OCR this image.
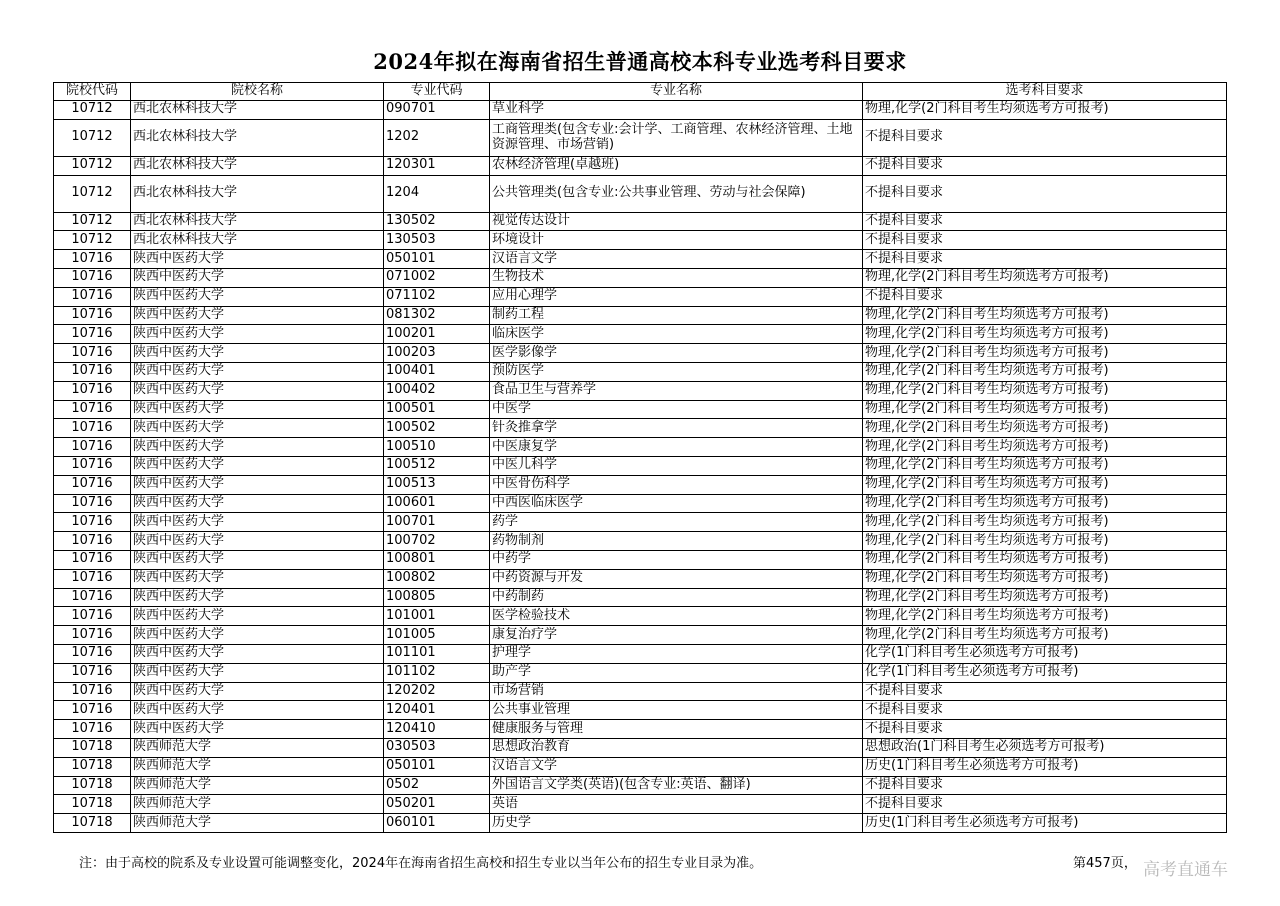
2024年拟在海南省招生普通高校本科专业选考科目要求
院校代码	院校名称	专业代码	专业名称	选考科目要求
10712	西北农林科技大学	090701	草业科学	物理,化学(2门科目考生均须选考方可报考)
10712	西北农林科技大学	1202	工商管理类(包含专业:会计学、工商管理、农林经济管理、土地资源管理、市场营销)	不提科目要求
10712	西北农林科技大学	120301	农林经济管理(卓越班)	不提科目要求
10712	西北农林科技大学	1204	公共管理类(包含专业:公共事业管理、劳动与社会保障)	不提科目要求
10712	西北农林科技大学	130502	视觉传达设计	不提科目要求
10712	西北农林科技大学	130503	环境设计	不提科目要求
10716	陕西中医药大学	050101	汉语言文学	不提科目要求
10716	陕西中医药大学	071002	生物技术	物理,化学(2门科目考生均须选考方可报考)
10716	陕西中医药大学	071102	应用心理学	不提科目要求
10716	陕西中医药大学	081302	制药工程	物理,化学(2门科目考生均须选考方可报考)
10716	陕西中医药大学	100201	临床医学	物理,化学(2门科目考生均须选考方可报考)
10716	陕西中医药大学	100203	医学影像学	物理,化学(2门科目考生均须选考方可报考)
10716	陕西中医药大学	100401	预防医学	物理,化学(2门科目考生均须选考方可报考)
10716	陕西中医药大学	100402	食品卫生与营养学	物理,化学(2门科目考生均须选考方可报考)
10716	陕西中医药大学	100501	中医学	物理,化学(2门科目考生均须选考方可报考)
10716	陕西中医药大学	100502	针灸推拿学	物理,化学(2门科目考生均须选考方可报考)
10716	陕西中医药大学	100510	中医康复学	物理,化学(2门科目考生均须选考方可报考)
10716	陕西中医药大学	100512	中医儿科学	物理,化学(2门科目考生均须选考方可报考)
10716	陕西中医药大学	100513	中医骨伤科学	物理,化学(2门科目考生均须选考方可报考)
10716	陕西中医药大学	100601	中西医临床医学	物理,化学(2门科目考生均须选考方可报考)
10716	陕西中医药大学	100701	药学	物理,化学(2门科目考生均须选考方可报考)
10716	陕西中医药大学	100702	药物制剂	物理,化学(2门科目考生均须选考方可报考)
10716	陕西中医药大学	100801	中药学	物理,化学(2门科目考生均须选考方可报考)
10716	陕西中医药大学	100802	中药资源与开发	物理,化学(2门科目考生均须选考方可报考)
10716	陕西中医药大学	100805	中药制药	物理,化学(2门科目考生均须选考方可报考)
10716	陕西中医药大学	101001	医学检验技术	物理,化学(2门科目考生均须选考方可报考)
10716	陕西中医药大学	101005	康复治疗学	物理,化学(2门科目考生均须选考方可报考)
10716	陕西中医药大学	101101	护理学	化学(1门科目考生必须选考方可报考)
10716	陕西中医药大学	101102	助产学	化学(1门科目考生必须选考方可报考)
10716	陕西中医药大学	120202	市场营销	不提科目要求
10716	陕西中医药大学	120401	公共事业管理	不提科目要求
10716	陕西中医药大学	120410	健康服务与管理	不提科目要求
10718	陕西师范大学	030503	思想政治教育	思想政治(1门科目考生必须选考方可报考)
10718	陕西师范大学	050101	汉语言文学	历史(1门科目考生必须选考方可报考)
10718	陕西师范大学	0502	外国语言文学类(英语)(包含专业:英语、翻译)	不提科目要求
10718	陕西师范大学	050201	英语	不提科目要求
10718	陕西师范大学	060101	历史学	历史(1门科目考生必须选考方可报考)
注：由于高校的院系及专业设置可能调整变化，2024年在海南省招生高校和招生专业以当年公布的招生专业目录为准。	第457页， 高考直通车
